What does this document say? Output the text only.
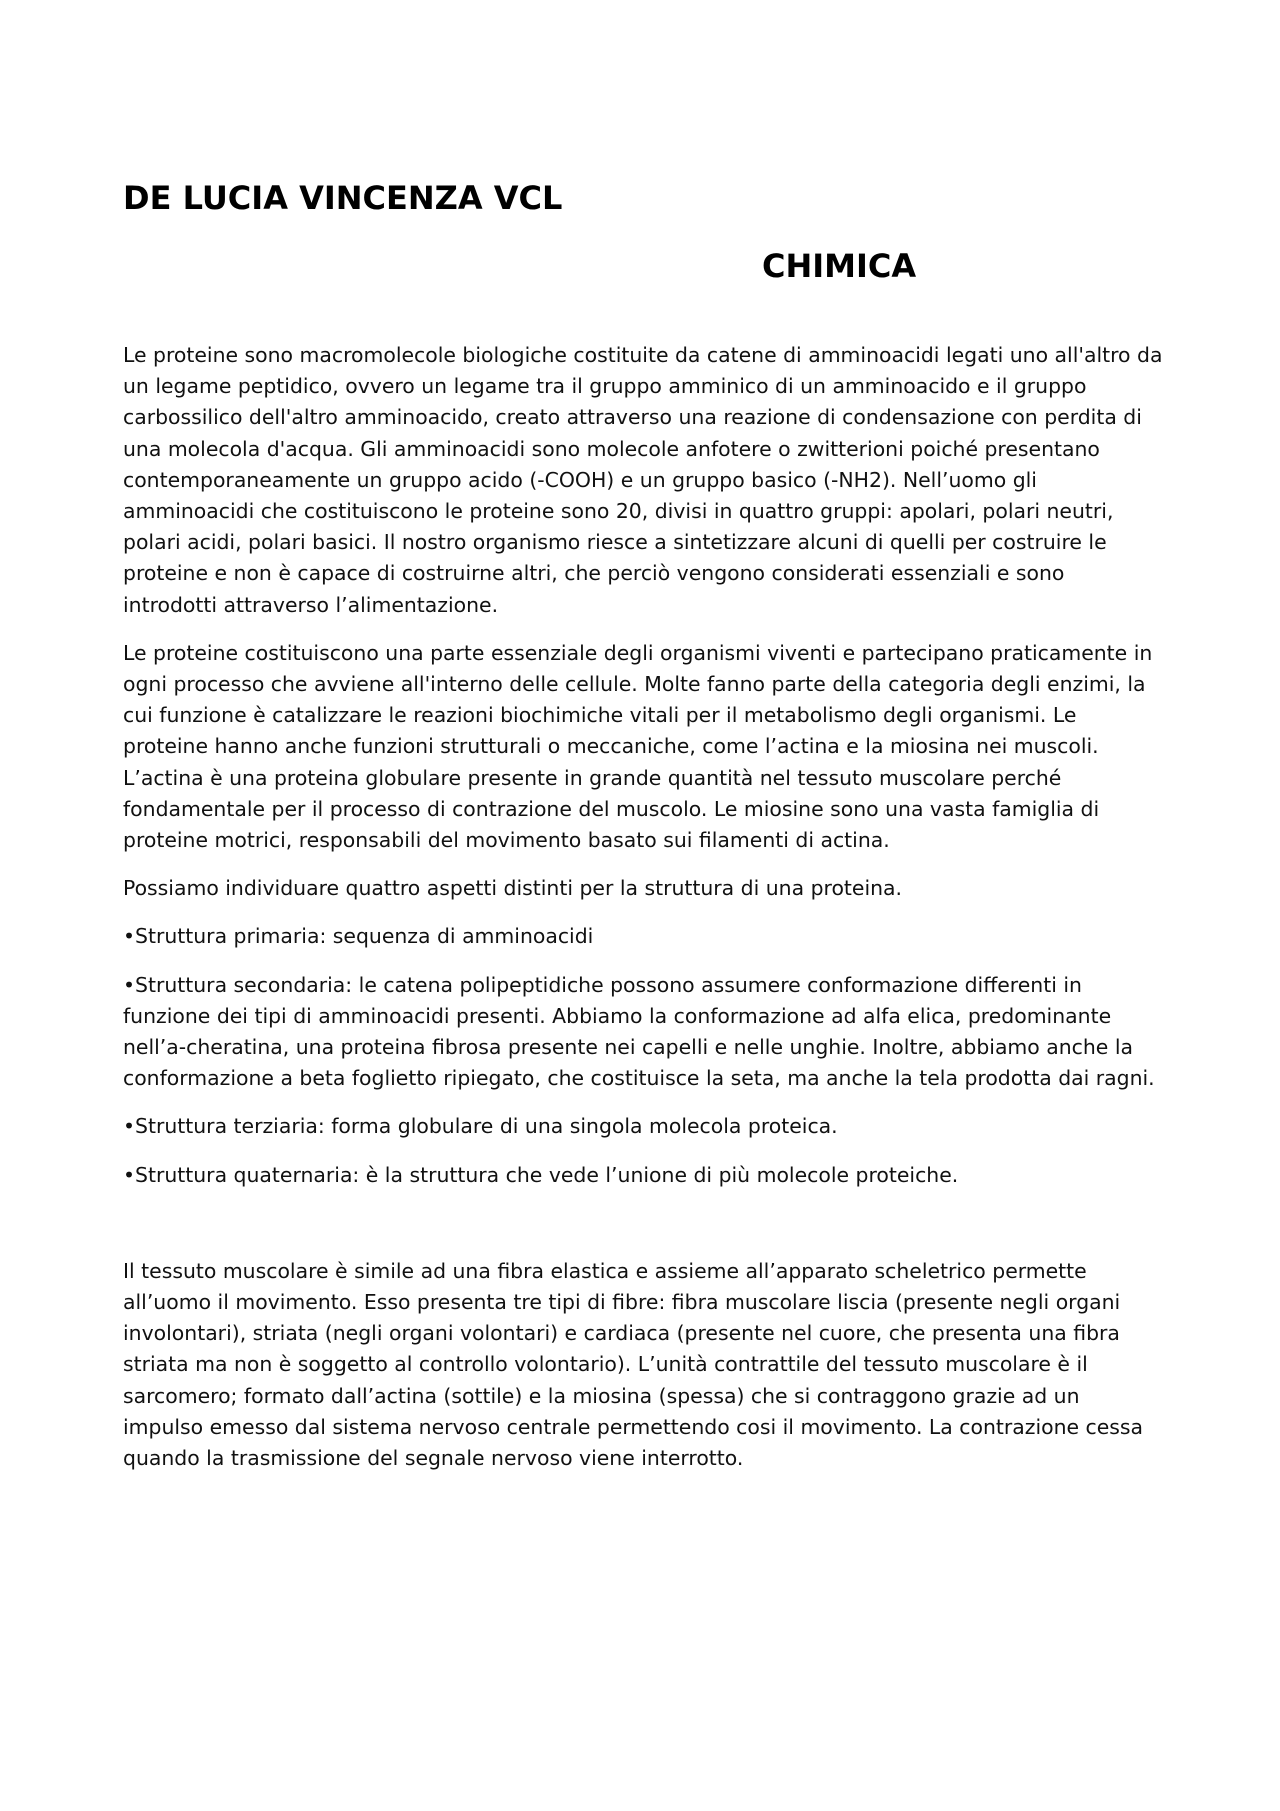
DE LUCIA VINCENZA VCL
CHIMICA

Le proteine sono macromolecole biologiche costituite da catene di amminoacidi legati uno all'altro da un legame peptidico, ovvero un legame tra il gruppo amminico di un amminoacido e il gruppo carbossilico dell'altro amminoacido, creato attraverso una reazione di condensazione con perdita di una molecola d'acqua. Gli amminoacidi sono molecole anfotere o zwitterioni poiché presentano contemporaneamente un gruppo acido (-COOH) e un gruppo basico (-NH2). Nell’uomo gli amminoacidi che costituiscono le proteine sono 20, divisi in quattro gruppi: apolari, polari neutri, polari acidi, polari basici. Il nostro organismo riesce a sintetizzare alcuni di quelli per costruire le proteine e non è capace di costruirne altri, che perciò vengono considerati essenziali e sono introdotti attraverso l’alimentazione.

Le proteine costituiscono una parte essenziale degli organismi viventi e partecipano praticamente in ogni processo che avviene all'interno delle cellule. Molte fanno parte della categoria degli enzimi, la cui funzione è catalizzare le reazioni biochimiche vitali per il metabolismo degli organismi. Le proteine hanno anche funzioni strutturali o meccaniche, come l’actina e la miosina nei muscoli. L’actina è una proteina globulare presente in grande quantità nel tessuto muscolare perché fondamentale per il processo di contrazione del muscolo. Le miosine sono una vasta famiglia di proteine motrici, responsabili del movimento basato sui filamenti di actina.

Possiamo individuare quattro aspetti distinti per la struttura di una proteina.

•Struttura primaria: sequenza di amminoacidi

•Struttura secondaria: le catena polipeptidiche possono assumere conformazione differenti in funzione dei tipi di amminoacidi presenti. Abbiamo la conformazione ad alfa elica, predominante nell’a-cheratina, una proteina fibrosa presente nei capelli e nelle unghie. Inoltre, abbiamo anche la conformazione a beta foglietto ripiegato, che costituisce la seta, ma anche la tela prodotta dai ragni.

•Struttura terziaria: forma globulare di una singola molecola proteica.

•Struttura quaternaria: è la struttura che vede l’unione di più molecole proteiche.

Il tessuto muscolare è simile ad una fibra elastica e assieme all’apparato scheletrico permette all’uomo il movimento. Esso presenta tre tipi di fibre: fibra muscolare liscia (presente negli organi involontari), striata (negli organi volontari) e cardiaca (presente nel cuore, che presenta una fibra striata ma non è soggetto al controllo volontario). L’unità contrattile del tessuto muscolare è il sarcomero; formato dall’actina (sottile) e la miosina (spessa) che si contraggono grazie ad un impulso emesso dal sistema nervoso centrale permettendo cosi il movimento. La contrazione cessa quando la trasmissione del segnale nervoso viene interrotto.
